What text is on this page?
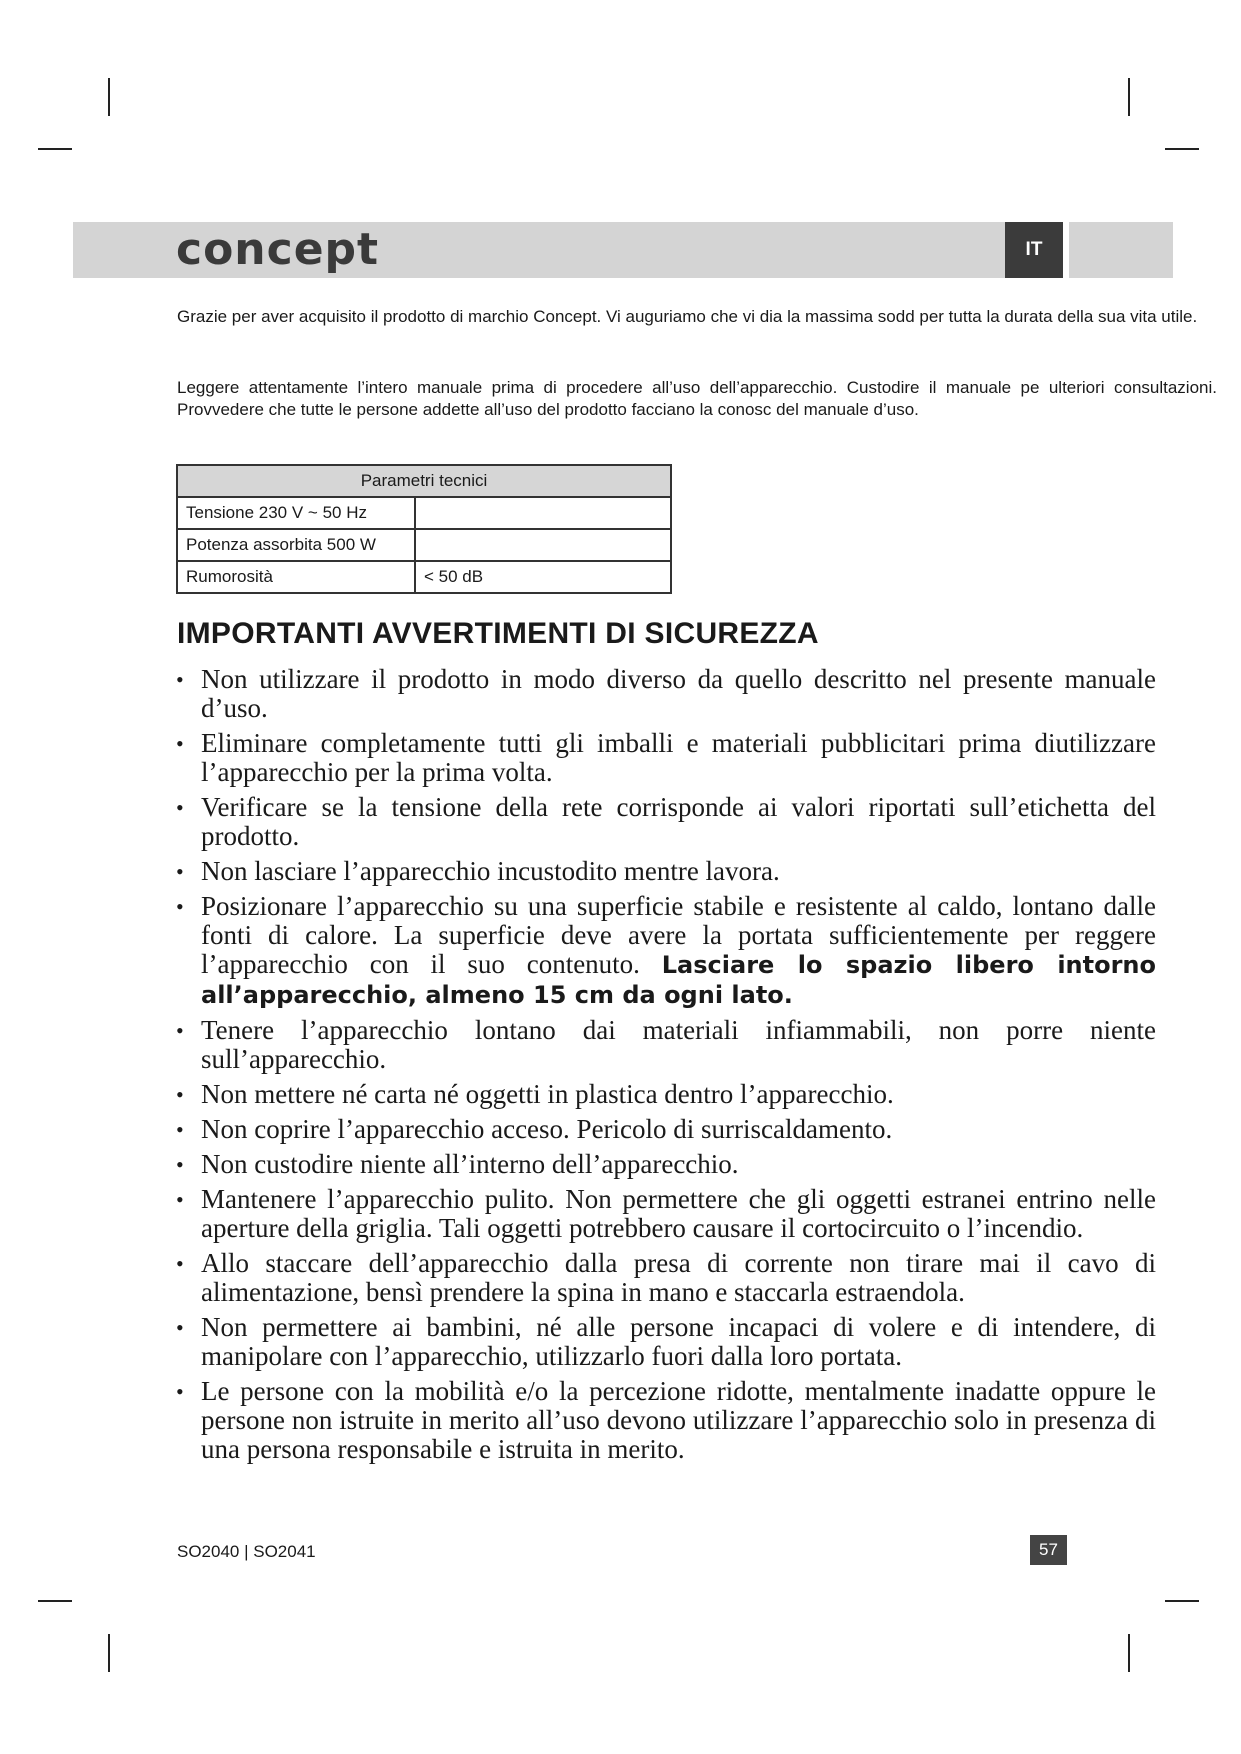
concept	IT

Grazie per aver acquisito il prodotto di marchio Concept. Vi auguriamo che vi dia la massima sodd per tutta la durata della sua vita utile.

Leggere attentamente l’intero manuale prima di procedere all’uso dell’apparecchio. Custodire il manuale pe ulteriori consultazioni. Provvedere che tutte le persone addette all’uso del prodotto facciano la conosc del manuale d’uso.

Parametri tecnici	
Tensione 230 V ~ 50 Hz	
Potenza assorbita 500 W	
Rumorosità	< 50 dB
IMPORTANTI AVVERTIMENTI DI SICUREZZA
• Non utilizzare il prodotto in modo diverso da quello descritto nel presente manuale d’uso.
• Eliminare completamente tutti gli imballi e materiali pubblicitari prima diutilizzare l’apparecchio per la prima volta.
• Verificare se la tensione della rete corrisponde ai valori riportati sull’etichetta del prodotto.
• Non lasciare l’apparecchio incustodito mentre lavora.
• Posizionare l’apparecchio su una superficie stabile e resistente al caldo, lontano dalle fonti di calore. La superficie deve avere la portata sufficientemente per reggere l’apparecchio con il suo contenuto. Lasciare lo spazio libero intorno all’apparecchio, almeno 15 cm da ogni lato.
• Tenere l’apparecchio lontano dai materiali infiammabili, non porre niente sull’apparecchio.
• Non mettere né carta né oggetti in plastica dentro l’apparecchio.
• Non coprire l’apparecchio acceso. Pericolo di surriscaldamento.
• Non custodire niente all’interno dell’apparecchio.
• Mantenere l’apparecchio pulito. Non permettere che gli oggetti estranei entrino nelle aperture della griglia. Tali oggetti potrebbero causare il cortocircuito o l’incendio.
• Allo staccare dell’apparecchio dalla presa di corrente non tirare mai il cavo di alimentazione, bensì prendere la spina in mano e staccarla estraendola.
• Non permettere ai bambini, né alle persone incapaci di volere e di intendere, di manipolare con l’apparecchio, utilizzarlo fuori dalla loro portata.
• Le persone con la mobilità e/o la percezione ridotte, mentalmente inadatte oppure le persone non istruite in merito all’uso devono utilizzare l’apparecchio solo in presenza di una persona responsabile e istruita in merito.
SO2040 | SO2041	57
